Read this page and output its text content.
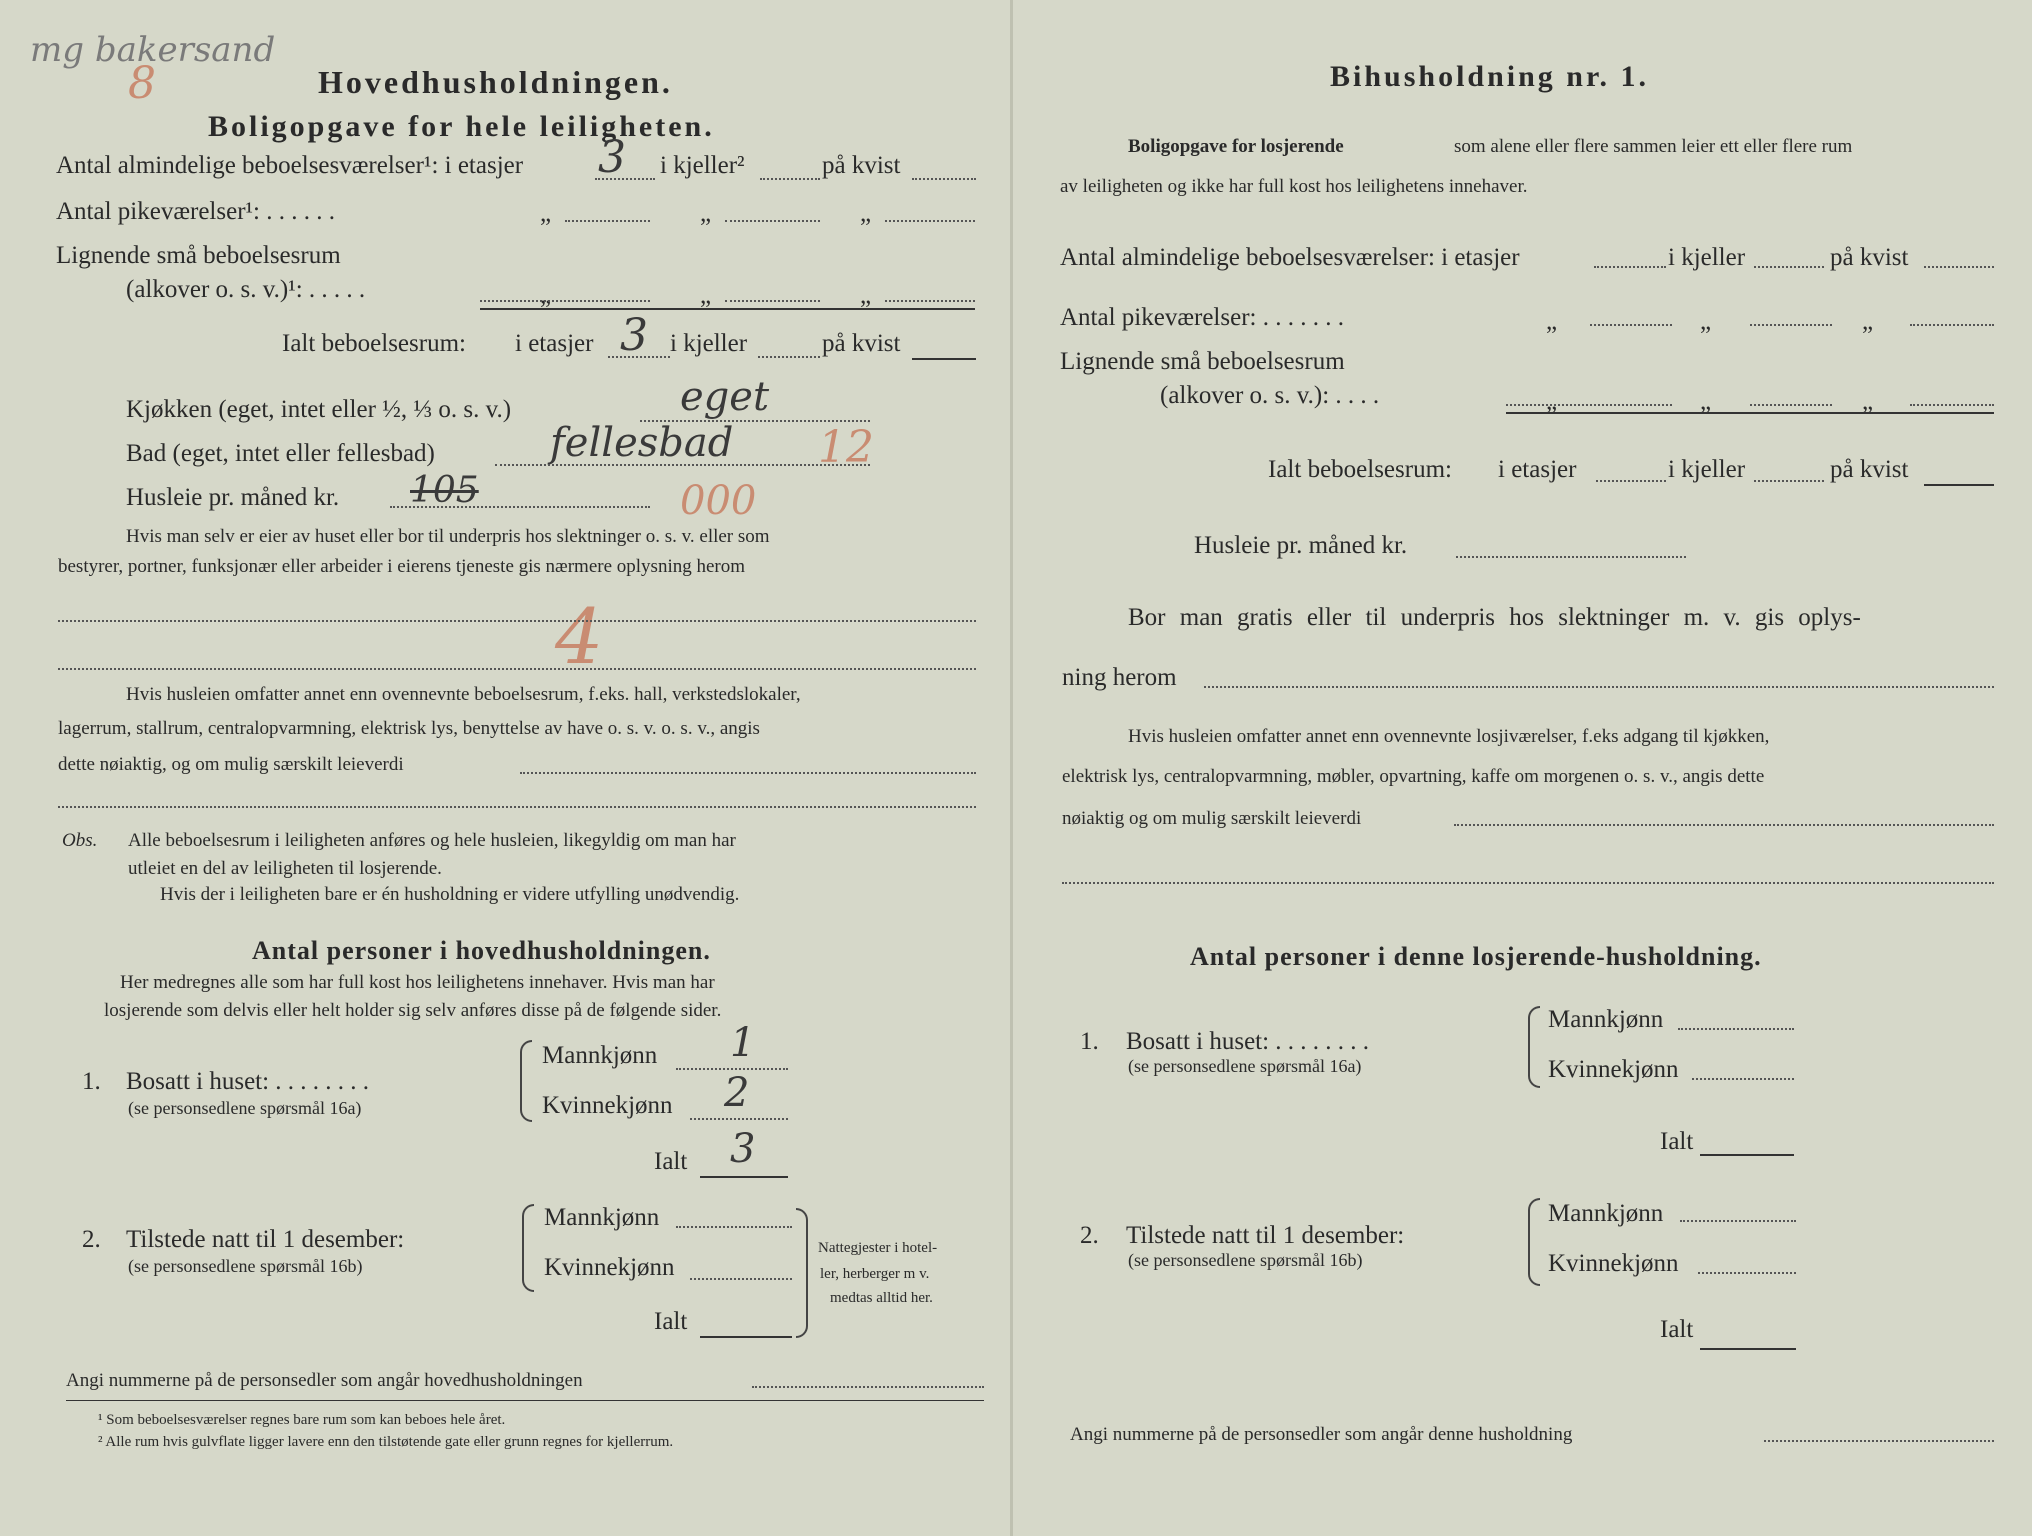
mg bakersand
8	Hovedhusholdningen.
Boligopgave for hele leiligheten.
Antal almindelige beboelsesværelser¹: i etasjer 3 i kjeller²	på kvist
Antal pikeværelser¹: . . . . . .	„	„	„
Lignende små beboelsesrum
(alkover o. s. v.)¹: . . . . .	„	„	„
Ialt beboelsesrum: i etasjer 3 i kjeller	på kvist
Kjøkken (eget, intet eller ½, ⅓ o. s. v.)	eget
Bad (eget, intet eller fellesbad)	fellesbad 12
Husleie pr. måned kr. 105	000
Hvis man selv er eier av huset eller bor til underpris hos slektninger o. s. v. eller som
bestyrer, portner, funksjonær eller arbeider i eierens tjeneste gis nærmere oplysning herom
4
Hvis husleien omfatter annet enn ovennevnte beboelsesrum, f.eks. hall, verkstedslokaler,
lagerrum, stallrum, centralopvarmning, elektrisk lys, benyttelse av have o. s. v. o. s. v., angis
dette nøiaktig, og om mulig særskilt leieverdi
Obs. Alle beboelsesrum i leiligheten anføres og hele husleien, likegyldig om man har
utleiet en del av leiligheten til losjerende.
Hvis der i leiligheten bare er én husholdning er videre utfylling unødvendig.
Antal personer i hovedhusholdningen.
Her medregnes alle som har full kost hos leilighetens innehaver. Hvis man har
losjerende som delvis eller helt holder sig selv anføres disse på de følgende sider.
1. Bosatt i huset: . . . . . . . .
(se personsedlene spørsmål 16a)
Mannkjønn 1
Kvinnekjønn 2
Ialt 3
2. Tilstede natt til 1 desember:
(se personsedlene spørsmål 16b)
Mannkjønn
Kvinnekjønn
Ialt
Nattegjester i hotel-
ler, herberger m v.
medtas alltid her.
Angi nummerne på de personsedler som angår hovedhusholdningen
¹ Som beboelsesværelser regnes bare rum som kan beboes hele året.
² Alle rum hvis gulvflate ligger lavere enn den tilstøtende gate eller grunn regnes for kjellerrum.
Bihusholdning nr. 1.
Boligopgave for losjerende	som alene eller flere sammen leier ett eller flere rum
av leiligheten og ikke har full kost hos leilighetens innehaver.
Antal almindelige beboelsesværelser: i etasjer	i kjeller	på kvist
Antal pikeværelser: . . . . . . .	„	„	„
Lignende små beboelsesrum
(alkover o. s. v.): . . . .	„	„	„
Ialt beboelsesrum: i etasjer	i kjeller	på kvist
Husleie pr. måned kr.
Bor man gratis eller til underpris hos slektninger m. v. gis oplys-
ning herom
Hvis husleien omfatter annet enn ovennevnte losjiværelser, f.eks adgang til kjøkken,
elektrisk lys, centralopvarmning, møbler, opvartning, kaffe om morgenen o. s. v., angis dette
nøiaktig og om mulig særskilt leieverdi
Antal personer i denne losjerende-husholdning.
1. Bosatt i huset: . . . . . . . .
(se personsedlene spørsmål 16a)
Mannkjønn
Kvinnekjønn
Ialt
2. Tilstede natt til 1 desember:
(se personsedlene spørsmål 16b)
Mannkjønn
Kvinnekjønn
Ialt
Angi nummerne på de personsedler som angår denne husholdning
